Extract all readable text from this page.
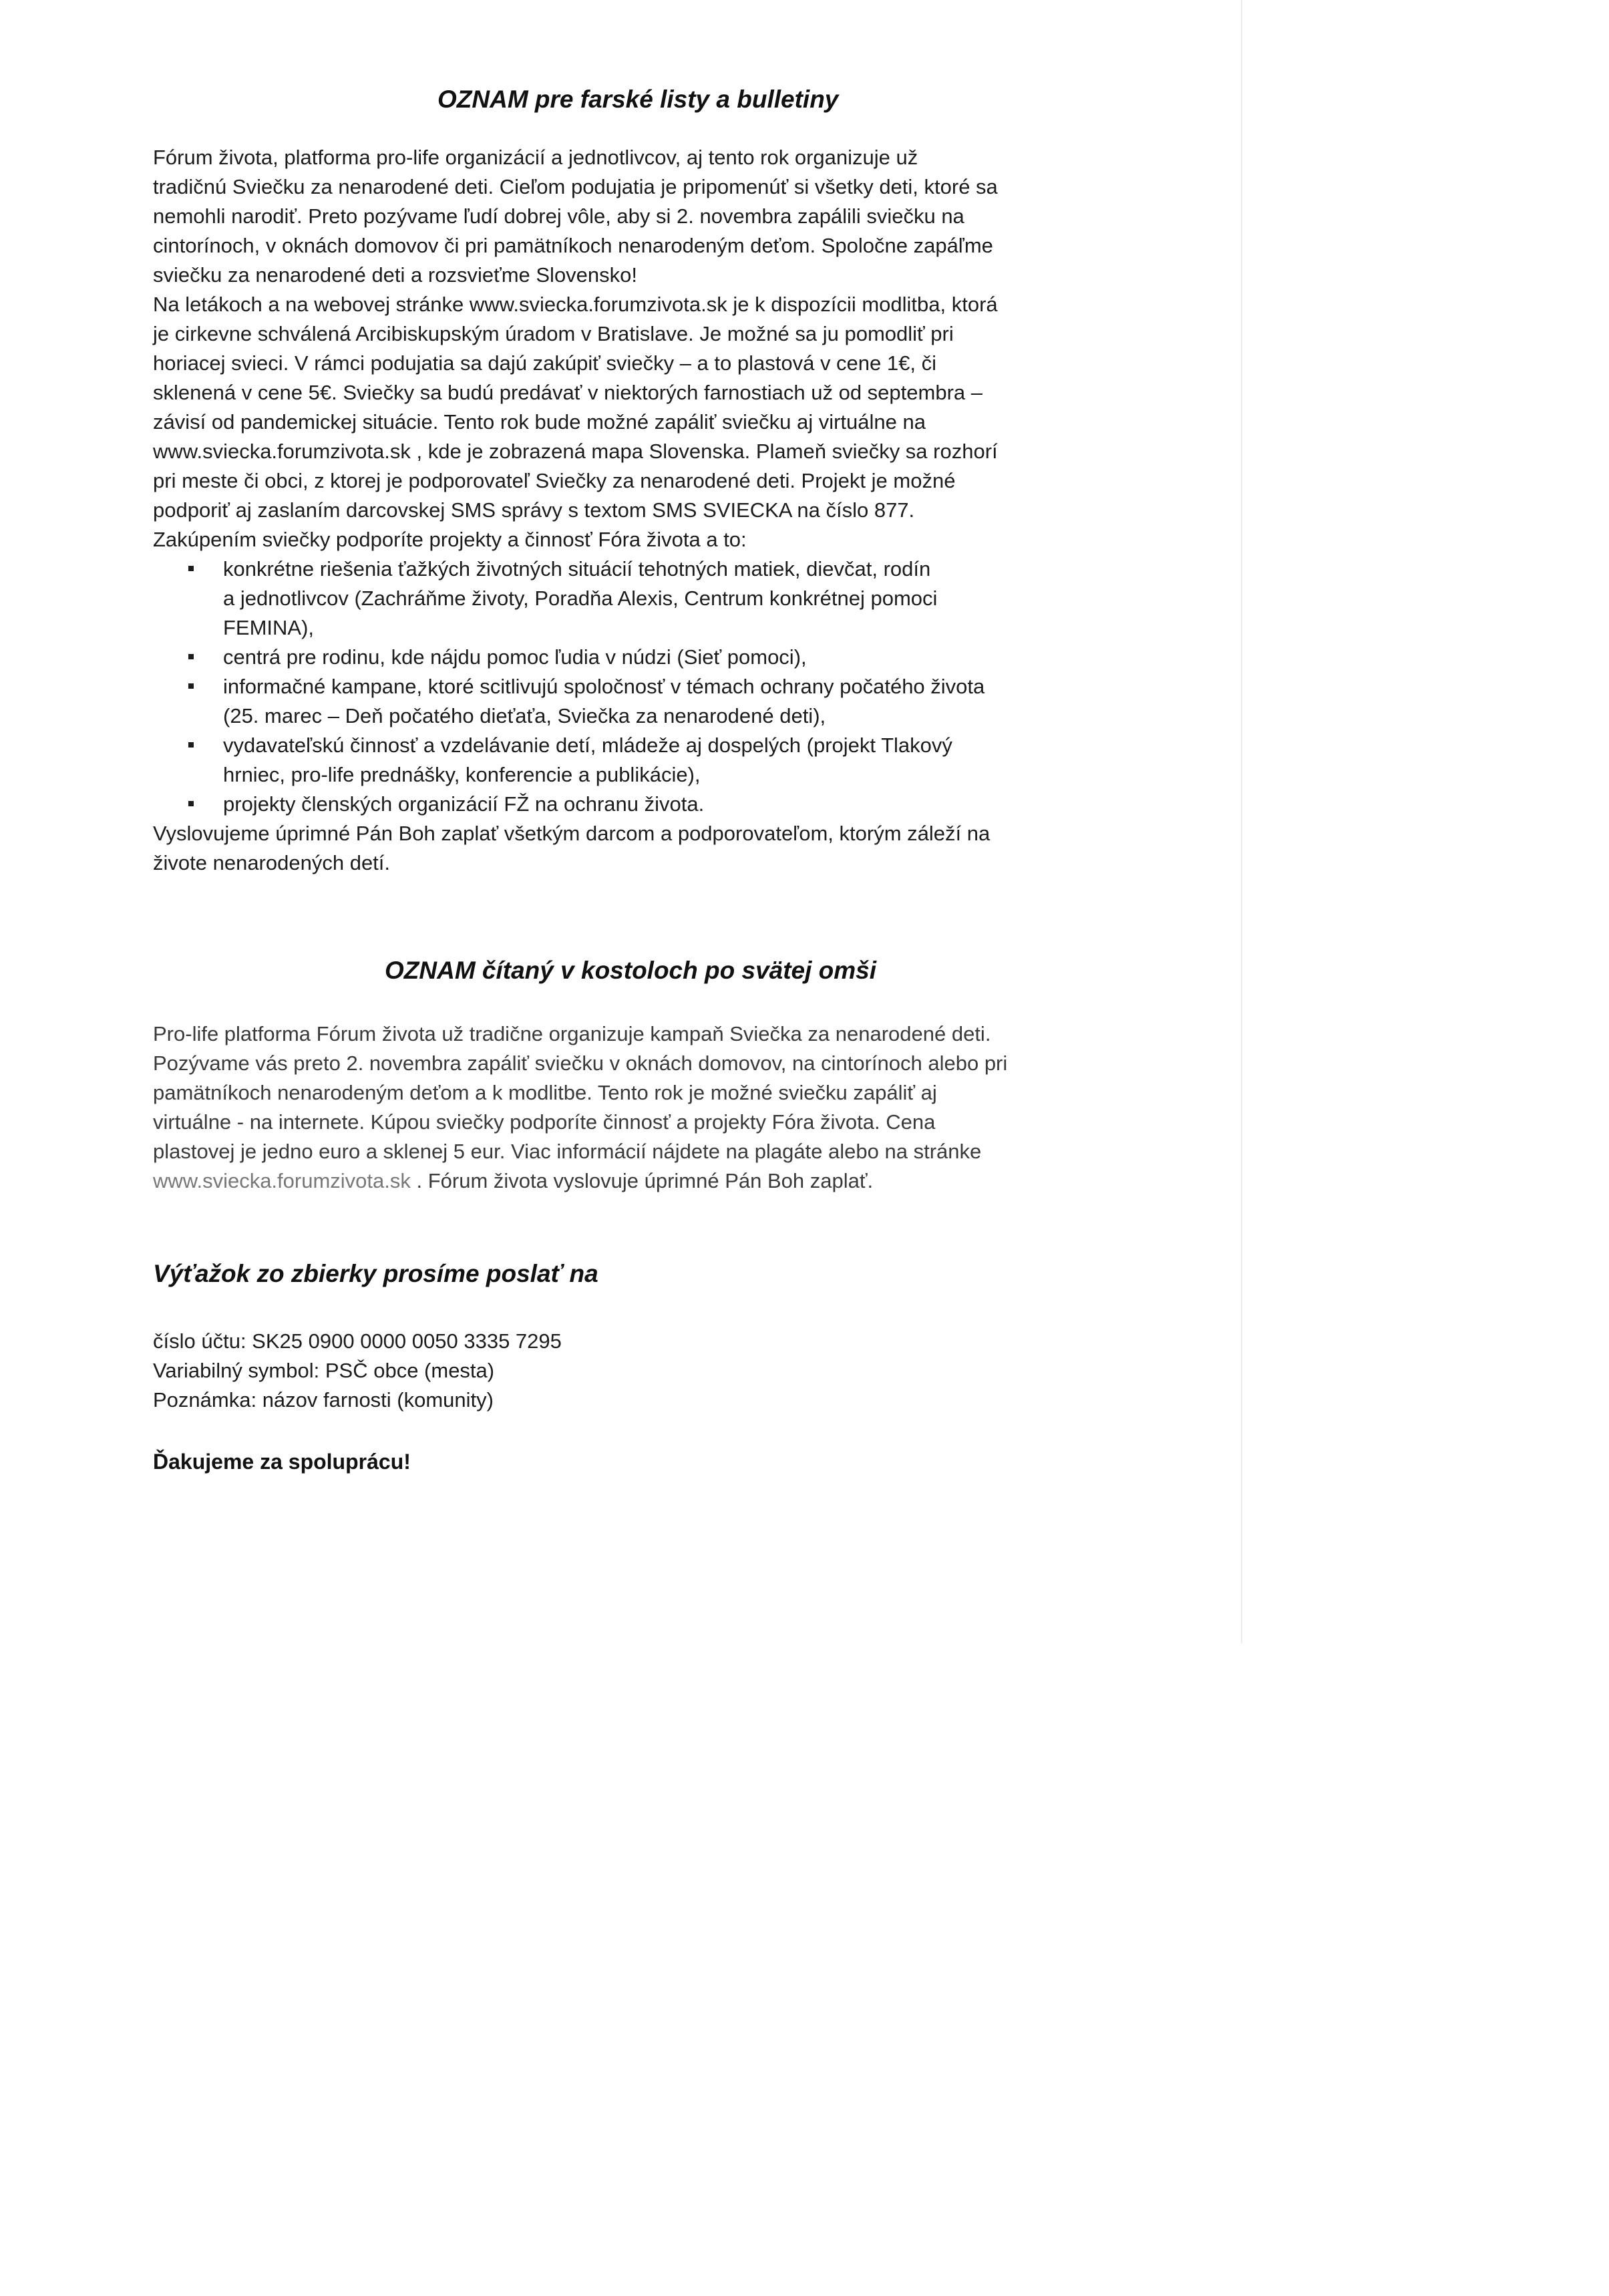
OZNAM pre farské listy a bulletiny
Fórum života, platforma pro-life organizácií a jednotlivcov, aj tento rok organizuje už
tradičnú Sviečku za nenarodené deti. Cieľom podujatia je pripomenúť si všetky deti, ktoré sa
nemohli narodiť. Preto pozývame ľudí dobrej vôle, aby si 2. novembra zapálili sviečku na
cintorínoch, v oknách domovov či pri pamätníkoch nenarodeným deťom. Spoločne zapáľme
sviečku za nenarodené deti a rozsvieťme Slovensko!
Na letákoch a na webovej stránke www.sviecka.forumzivota.sk je k dispozícii modlitba, ktorá
je cirkevne schválená Arcibiskupským úradom v Bratislave. Je možné sa ju pomodliť pri
horiacej svieci. V rámci podujatia sa dajú zakúpiť sviečky – a to plastová v cene 1€, či
sklenená v cene 5€. Sviečky sa budú predávať v niektorých farnostiach už od septembra –
závisí od pandemickej situácie. Tento rok bude možné zapáliť sviečku aj virtuálne na
www.sviecka.forumzivota.sk , kde je zobrazená mapa Slovenska. Plameň sviečky sa rozhorí
pri meste či obci, z ktorej je podporovateľ Sviečky za nenarodené deti. Projekt je možné
podporiť aj zaslaním darcovskej SMS správy s textom SMS SVIECKA na číslo 877.
Zakúpením sviečky podporíte projekty a činnosť Fóra života a to:
konkrétne riešenia ťažkých životných situácií tehotných matiek, dievčat, rodín
a jednotlivcov (Zachráňme životy, Poradňa Alexis, Centrum konkrétnej pomoci
FEMINA),
centrá pre rodinu, kde nájdu pomoc ľudia v núdzi (Sieť pomoci),
informačné kampane, ktoré scitlivujú spoločnosť v témach ochrany počatého života
(25. marec – Deň počatého dieťaťa, Sviečka za nenarodené deti),
vydavateľskú činnosť a vzdelávanie detí, mládeže aj dospelých (projekt Tlakový
hrniec, pro-life prednášky, konferencie a publikácie),
projekty členských organizácií FŽ na ochranu života.
Vyslovujeme úprimné Pán Boh zaplať všetkým darcom a podporovateľom, ktorým záleží na
živote nenarodených detí.
OZNAM čítaný v kostoloch po svätej omši
Pro-life platforma Fórum života už tradične organizuje kampaň Sviečka za nenarodené deti.
Pozývame vás preto 2. novembra zapáliť sviečku v oknách domovov, na cintorínoch alebo pri
pamätníkoch nenarodeným deťom a k modlitbe. Tento rok je možné sviečku zapáliť aj
virtuálne - na internete. Kúpou sviečky podporíte činnosť a projekty Fóra života. Cena
plastovej je jedno euro a sklenej 5 eur. Viac informácií nájdete na plagáte alebo na stránke
www.sviecka.forumzivota.sk . Fórum života vyslovuje úprimné Pán Boh zaplať.
Výťažok zo zbierky prosíme poslať na
číslo účtu: SK25 0900 0000 0050 3335 7295
Variabilný symbol: PSČ obce (mesta)
Poznámka: názov farnosti (komunity)
Ďakujeme za spoluprácu!
